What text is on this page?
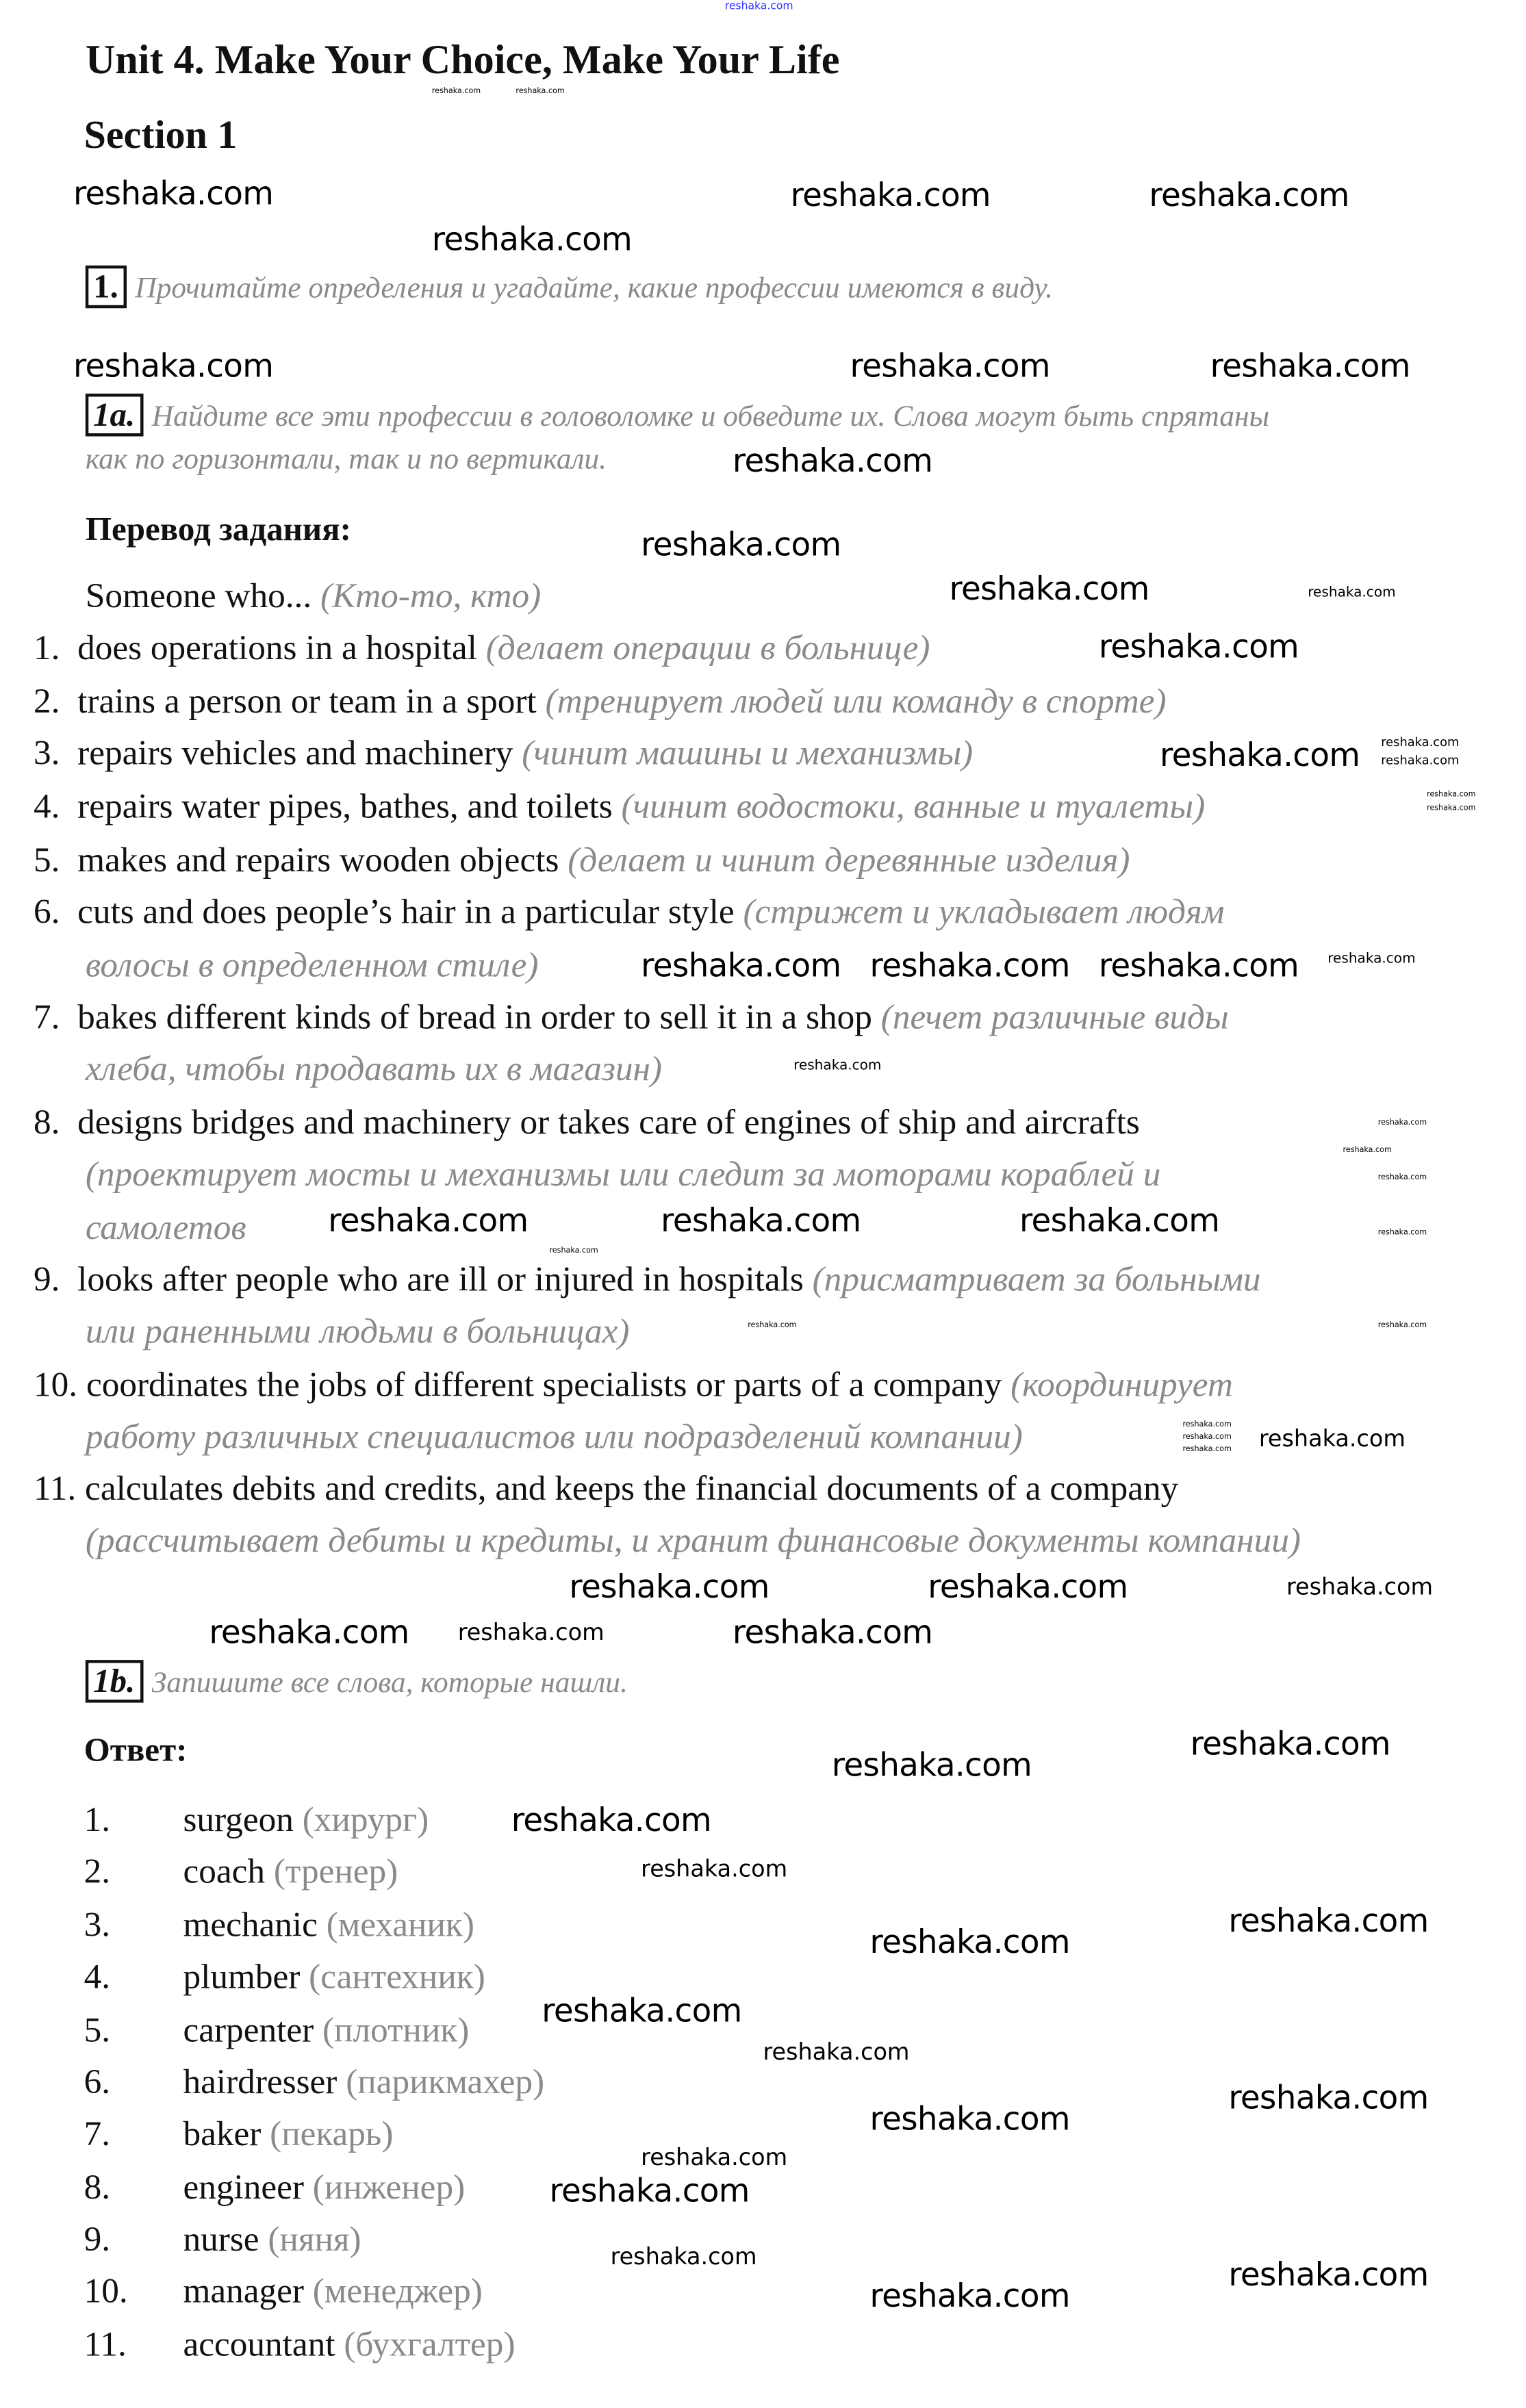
reshaka.com
Unit 4. Make Your Choice, Make Your Life
reshaka.com	reshaka.com
Section 1
1. Прочитайте определения и угадайте, какие профессии имеются в виду.
1a. Найдите все эти профессии в головоломке и обведите их. Слова могут быть спрятаны
как по горизонтали, так и по вертикали.
Перевод задания:
Someone who... (Кто-то, кто)
1. does operations in a hospital (делает операции в больнице)
2. trains a person or team in a sport (тренирует людей или команду в спорте)
3. repairs vehicles and machinery (чинит машины и механизмы)
4. repairs water pipes, bathes, and toilets (чинит водостоки, ванные и туалеты)
5. makes and repairs wooden objects (делает и чинит деревянные изделия)
6. cuts and does people’s hair in a particular style (стрижет и укладывает людям
волосы в определенном стиле)
7. bakes different kinds of bread in order to sell it in a shop (печет различные виды
хлеба, чтобы продавать их в магазин)
8. designs bridges and machinery or takes care of engines of ship and aircrafts
(проектирует мосты и механизмы или следит за моторами кораблей и
самолетов
9. looks after people who are ill or injured in hospitals (присматривает за больными
или раненными людьми в больницах)
10. coordinates the jobs of different specialists or parts of a company (координирует
работу различных специалистов или подразделений компании)
11. calculates debits and credits, and keeps the financial documents of a company
(рассчитывает дебиты и кредиты, и хранит финансовые документы компании)
1b. Запишите все слова, которые нашли.
Ответ:
1.	surgeon (хирург)
2.	coach (тренер)
3.	mechanic (механик)
4.	plumber (сантехник)
5.	carpenter (плотник)
6.	hairdresser (парикмахер)
7.	baker (пекарь)
8.	engineer (инженер)
9.	nurse (няня)
10.	manager (менеджер)
11.	accountant (бухгалтер)
reshaka.com	reshaka.com	reshaka.com
reshaka.com
reshaka.com	reshaka.com	reshaka.com
reshaka.com
reshaka.com
reshaka.com	reshaka.com
reshaka.com
reshaka.com	reshaka.com
reshaka.com
reshaka.com
reshaka.com
reshaka.com	reshaka.com
reshaka.com
reshaka.com
reshaka.com
reshaka.com
reshaka.com
reshaka.com
reshaka.com	reshaka.com
reshaka.com	reshaka.com
reshaka.com
reshaka.com	reshaka.com
reshaka.com
reshaka.com
reshaka.com
reshaka.com	reshaka.com
reshaka.com
reshaka.com	reshaka.com
reshaka.com
reshaka.com
reshaka.com
reshaka.com
reshaka.com
reshaka.com
reshaka.com
reshaka.com
reshaka.com
reshaka.com
reshaka.com
reshaka.com
reshaka.com
reshaka.com
reshaka.com	reshaka.com
reshaka.com
